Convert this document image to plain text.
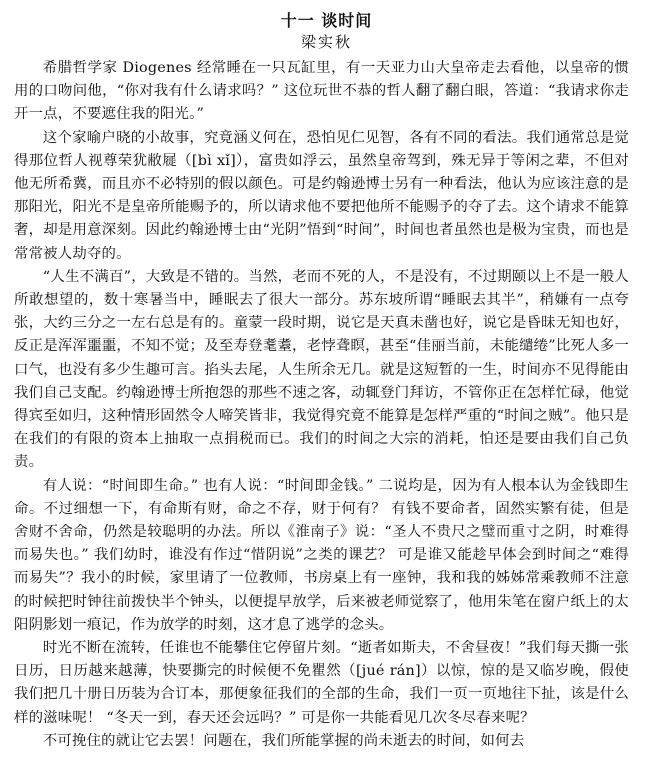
十一 谈时间
梁实秋

希腊哲学家 Diogenes 经常睡在一只瓦缸里，有一天亚力山大皇帝走去看他，以皇帝的惯用的口吻问他，“你对我有什么请求吗？” 这位玩世不恭的哲人翻了翻白眼，答道：“我请求你走开一点，不要遮住我的阳光。”

这个家喻户晓的小故事，究竟涵义何在，恐怕见仁见智，各有不同的看法。我们通常总是觉得那位哲人视尊荣犹敝屣（[bì xǐ]），富贵如浮云，虽然皇帝驾到，殊无异于等闲之辈，不但对他无所希冀，而且亦不必特别的假以颜色。可是约翰逊博士另有一种看法，他认为应该注意的是那阳光，阳光不是皇帝所能赐予的，所以请求他不要把他所不能赐予的夺了去。这个请求不能算奢，却是用意深刻。因此约翰逊博士由“光阴”悟到“时间”，时间也者虽然也是极为宝贵，而也是常常被人劫夺的。

“人生不满百”，大致是不错的。当然，老而不死的人，不是没有，不过期颐以上不是一般人所敢想望的，数十寒暑当中，睡眠去了很大一部分。苏东坡所谓“睡眠去其半”，稍嫌有一点夸张，大约三分之一左右总是有的。童蒙一段时期，说它是天真未凿也好，说它是昏昧无知也好，反正是浑浑噩噩，不知不觉；及至寿登耄耋，老悖聋瞑，甚至“佳丽当前，未能缱绻”比死人多一口气，也没有多少生趣可言。掐头去尾，人生所余无几。就是这短暂的一生，时间亦不见得能由我们自己支配。约翰逊博士所抱怨的那些不速之客，动辄登门拜访，不管你正在怎样忙碌，他觉得宾至如归，这种情形固然令人啼笑皆非，我觉得究竟不能算是怎样严重的“时间之贼”。他只是在我们的有限的资本上抽取一点捐税而已。我们的时间之大宗的消耗，怕还是要由我们自己负责。

有人说：“时间即生命。” 也有人说：“时间即金钱。” 二说均是，因为有人根本认为金钱即生命。不过细想一下，有命斯有财，命之不存，财于何有？ 有钱不要命者，固然实繁有徒，但是舍财不舍命，仍然是较聪明的办法。所以《淮南子》说：“圣人不贵尺之璧而重寸之阴，时难得而易失也。” 我们幼时，谁没有作过“惜阴说”之类的课艺？ 可是谁又能趁早体会到时间之“难得而易失”？我小的时候，家里请了一位教师，书房桌上有一座钟，我和我的姊姊常乘教师不注意的时候把时钟往前拨快半个钟头，以便提早放学，后来被老师觉察了，他用朱笔在窗户纸上的太阳阴影划一痕记，作为放学的时刻，这才息了逃学的念头。

时光不断在流转，任谁也不能攀住它停留片刻。“逝者如斯夫，不舍昼夜！”我们每天撕一张日历，日历越来越薄，快要撕完的时候便不免瞿然（[jué rán]）以惊，惊的是又临岁晚，假使我们把几十册日历装为合订本，那便象征我们的全部的生命，我们一页一页地往下扯，该是什么样的滋味呢！ “冬天一到，春天还会远吗？” 可是你一共能看见几次冬尽春来呢？

不可挽住的就让它去罢！问题在，我们所能掌握的尚未逝去的时间，如何去
